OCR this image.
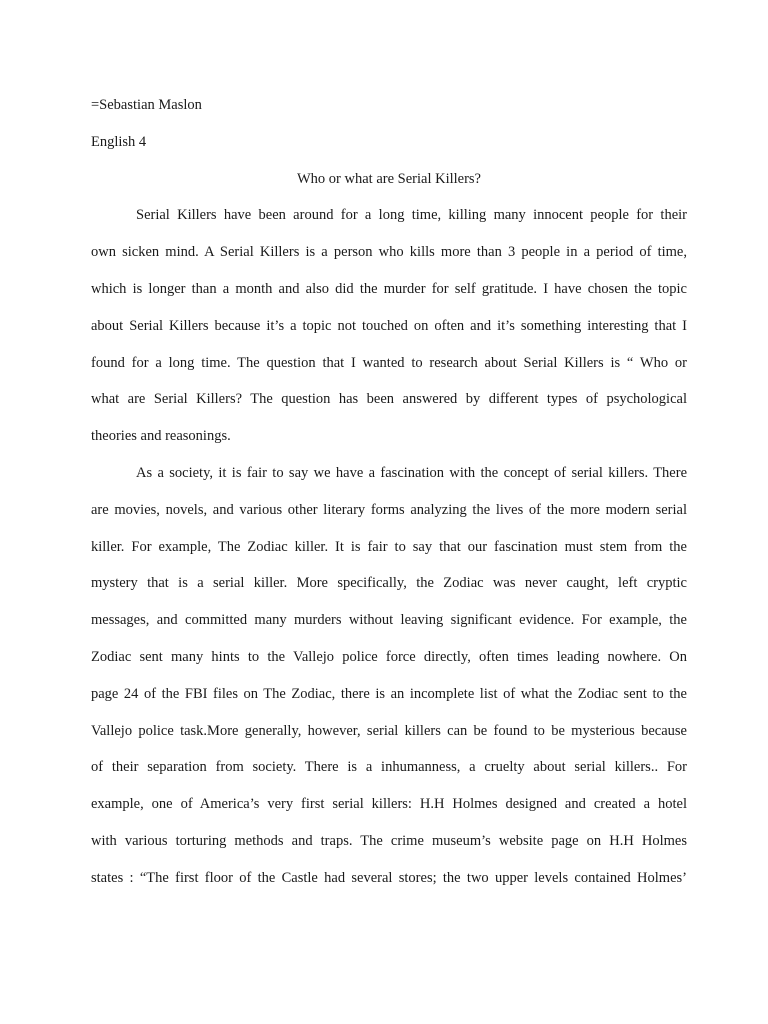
=Sebastian Maslon
English 4
Who or what are Serial Killers?
Serial Killers have been around for a long time, killing many innocent people for their
own sicken mind. A Serial Killers is a person who kills more than 3 people in a period of time,
which is longer than a month and also did the murder for self gratitude. I have chosen the topic
about Serial Killers because it’s a topic not touched on often and it’s something interesting that I
found for a long time. The question that I wanted to research about Serial Killers is “ Who or
what are Serial Killers? The question has been answered by different types of psychological
theories and reasonings.
As a society, it is fair to say we have a fascination with the concept of serial killers. There
are movies, novels, and various other literary forms analyzing the lives of the more modern serial
killer. For example, The Zodiac killer. It is fair to say that our fascination must stem from the
mystery that is a serial killer. More specifically, the Zodiac was never caught, left cryptic
messages, and committed many murders without leaving significant evidence. For example, the
Zodiac sent many hints to the Vallejo police force directly, often times leading nowhere. On
page 24 of the FBI files on The Zodiac, there is an incomplete list of what the Zodiac sent to the
Vallejo police task.More generally, however, serial killers can be found to be mysterious because
of their separation from society. There is a inhumanness, a cruelty about serial killers.. For
example, one of America’s very first serial killers: H.H Holmes designed and created a hotel
with various torturing methods and traps. The crime museum’s website page on H.H Holmes
states : “The first floor of the Castle had several stores; the two upper levels contained Holmes’
